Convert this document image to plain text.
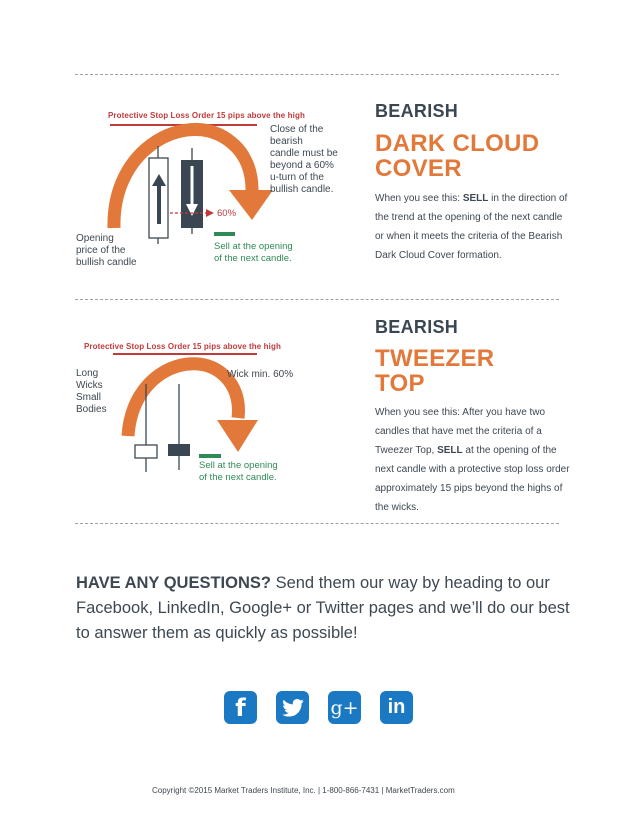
Protective Stop Loss Order 15 pips above the high
Close of the
bearish
candle must be
beyond a 60%
u-turn of the
bullish candle.
60%
Opening
price of the
bullish candle
Sell at the opening
of the next candle.
BEARISH
DARK CLOUD
COVER
When you see this: SELL in the direction of the trend at the opening of the next candle or when it meets the criteria of the Bearish Dark Cloud Cover formation.
Protective Stop Loss Order 15 pips above the high
Long
Wicks
Small
Bodies
Wick min. 60%
Sell at the opening
of the next candle.
BEARISH
TWEEZER
TOP
When you see this: After you have two candles that have met the criteria of a Tweezer Top, SELL at the opening of the next candle with a protective stop loss order approximately 15 pips beyond the highs of the wicks.
HAVE ANY QUESTIONS? Send them our way by heading to our Facebook, LinkedIn, Google+ or Twitter pages and we’ll do our best to answer them as quickly as possible!
f	g+ in
Copyright ©2015 Market Traders Institute, Inc. | 1-800-866-7431 | MarketTraders.com
